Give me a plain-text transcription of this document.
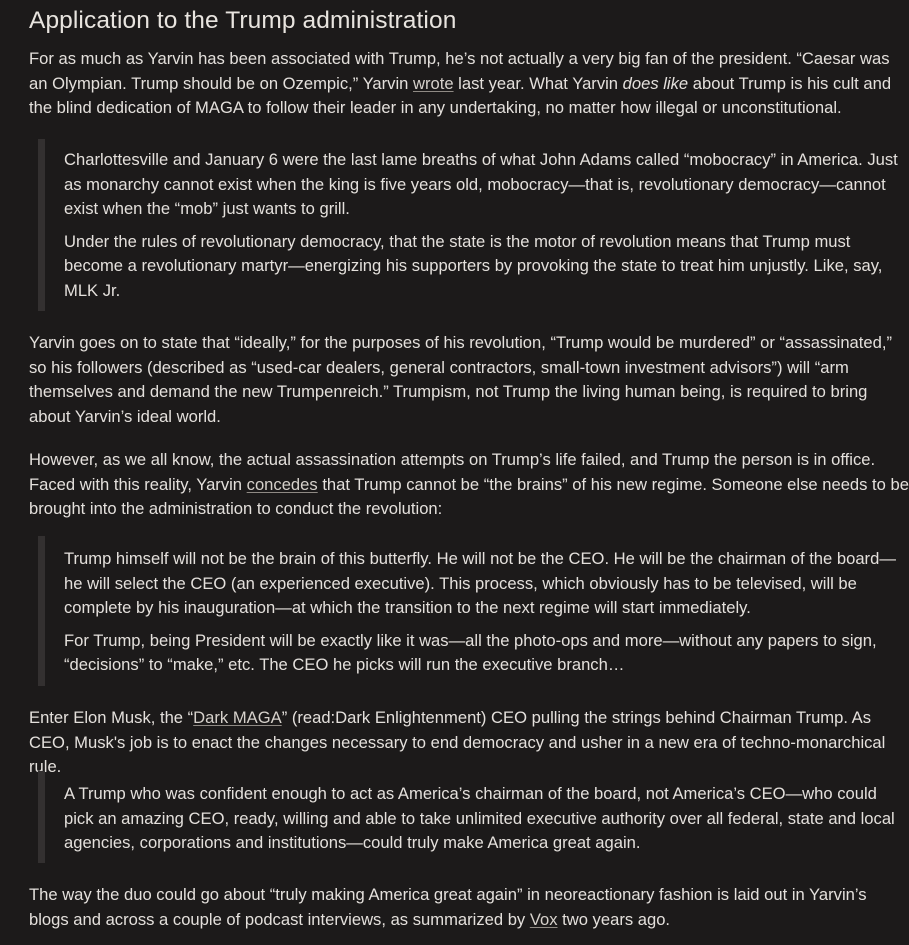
Application to the Trump administration

For as much as Yarvin has been associated with Trump, he’s not actually a very big fan of the president. “Caesar was an Olympian. Trump should be on Ozempic,” Yarvin wrote last year. What Yarvin does like about Trump is his cult and the blind dedication of MAGA to follow their leader in any undertaking, no matter how illegal or unconstitutional.

Charlottesville and January 6 were the last lame breaths of what John Adams called “mobocracy” in America. Just as monarchy cannot exist when the king is five years old, mobocracy—that is, revolutionary democracy—cannot exist when the “mob” just wants to grill.

Under the rules of revolutionary democracy, that the state is the motor of revolution means that Trump must become a revolutionary martyr—energizing his supporters by provoking the state to treat him unjustly. Like, say, MLK Jr.

Yarvin goes on to state that “ideally,” for the purposes of his revolution, “Trump would be murdered” or “assassinated,” so his followers (described as “used-car dealers, general contractors, small-town investment advisors”) will “arm themselves and demand the new Trumpenreich.” Trumpism, not Trump the living human being, is required to bring about Yarvin’s ideal world.

However, as we all know, the actual assassination attempts on Trump’s life failed, and Trump the person is in office. Faced with this reality, Yarvin concedes that Trump cannot be “the brains” of his new regime. Someone else needs to be brought into the administration to conduct the revolution:

Trump himself will not be the brain of this butterfly. He will not be the CEO. He will be the chairman of the board—he will select the CEO (an experienced executive). This process, which obviously has to be televised, will be complete by his inauguration—at which the transition to the next regime will start immediately.

For Trump, being President will be exactly like it was—all the photo-ops and more—without any papers to sign, “decisions” to “make,” etc. The CEO he picks will run the executive branch…

Enter Elon Musk, the “Dark MAGA” (read:Dark Enlightenment) CEO pulling the strings behind Chairman Trump. As CEO, Musk's job is to enact the changes necessary to end democracy and usher in a new era of techno-monarchical rule.

A Trump who was confident enough to act as America’s chairman of the board, not America’s CEO—who could pick an amazing CEO, ready, willing and able to take unlimited executive authority over all federal, state and local agencies, corporations and institutions—could truly make America great again.

The way the duo could go about “truly making America great again” in neoreactionary fashion is laid out in Yarvin’s blogs and across a couple of podcast interviews, as summarized by Vox two years ago.
